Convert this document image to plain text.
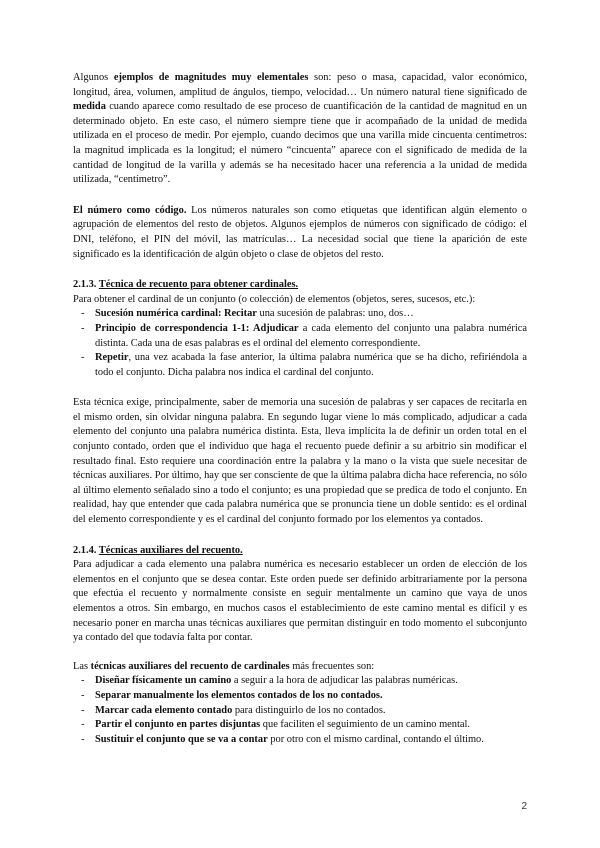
Algunos ejemplos de magnitudes muy elementales son: peso o masa, capacidad, valor económico, longitud, área, volumen, amplitud de ángulos, tiempo, velocidad… Un número natural tiene significado de medida cuando aparece como resultado de ese proceso de cuantificación de la cantidad de magnitud en un determinado objeto. En este caso, el número siempre tiene que ir acompañado de la unidad de medida utilizada en el proceso de medir. Por ejemplo, cuando decimos que una varilla mide cincuenta centímetros: la magnitud implicada es la longitud; el número “cincuenta” aparece con el significado de medida de la cantidad de longitud de la varilla y además se ha necesitado hacer una referencia a la unidad de medida utilizada, “centímetro”.

El número como código. Los números naturales son como etiquetas que identifican algún elemento o agrupación de elementos del resto de objetos. Algunos ejemplos de números con significado de código: el DNI, teléfono, el PIN del móvil, las matrículas… La necesidad social que tiene la aparición de este significado es la identificación de algún objeto o clase de objetos del resto.

2.1.3. Técnica de recuento para obtener cardinales.

Para obtener el cardinal de un conjunto (o colección) de elementos (objetos, seres, sucesos, etc.):

- Sucesión numérica cardinal: Recitar una sucesión de palabras: uno, dos…
- Principio de correspondencia 1-1: Adjudicar a cada elemento del conjunto una palabra numérica distinta. Cada una de esas palabras es el ordinal del elemento correspondiente.
- Repetir, una vez acabada la fase anterior, la última palabra numérica que se ha dicho, refiriéndola a todo el conjunto. Dicha palabra nos indica el cardinal del conjunto.

Esta técnica exige, principalmente, saber de memoria una sucesión de palabras y ser capaces de recitarla en el mismo orden, sin olvidar ninguna palabra. En segundo lugar viene lo más complicado, adjudicar a cada elemento del conjunto una palabra numérica distinta. Esta, lleva implícita la de definir un orden total en el conjunto contado, orden que el individuo que haga el recuento puede definir a su arbitrio sin modificar el resultado final. Esto requiere una coordinación entre la palabra y la mano o la vista que suele necesitar de técnicas auxiliares. Por último, hay que ser consciente de que la última palabra dicha hace referencia, no sólo al último elemento señalado sino a todo el conjunto; es una propiedad que se predica de todo el conjunto. En realidad, hay que entender que cada palabra numérica que se pronuncia tiene un doble sentido: es el ordinal del elemento correspondiente y es el cardinal del conjunto formado por los elementos ya contados.

2.1.4. Técnicas auxiliares del recuento.

Para adjudicar a cada elemento una palabra numérica es necesario establecer un orden de elección de los elementos en el conjunto que se desea contar. Este orden puede ser definido arbitrariamente por la persona que efectúa el recuento y normalmente consiste en seguir mentalmente un camino que vaya de unos elementos a otros. Sin embargo, en muchos casos el establecimiento de este camino mental es difícil y es necesario poner en marcha unas técnicas auxiliares que permitan distinguir en todo momento el subconjunto ya contado del que todavía falta por contar.

Las técnicas auxiliares del recuento de cardinales más frecuentes son:

- Diseñar físicamente un camino a seguir a la hora de adjudicar las palabras numéricas.
- Separar manualmente los elementos contados de los no contados.
- Marcar cada elemento contado para distinguirlo de los no contados.
- Partir el conjunto en partes disjuntas que faciliten el seguimiento de un camino mental.
- Sustituir el conjunto que se va a contar por otro con el mismo cardinal, contando el último.
2
